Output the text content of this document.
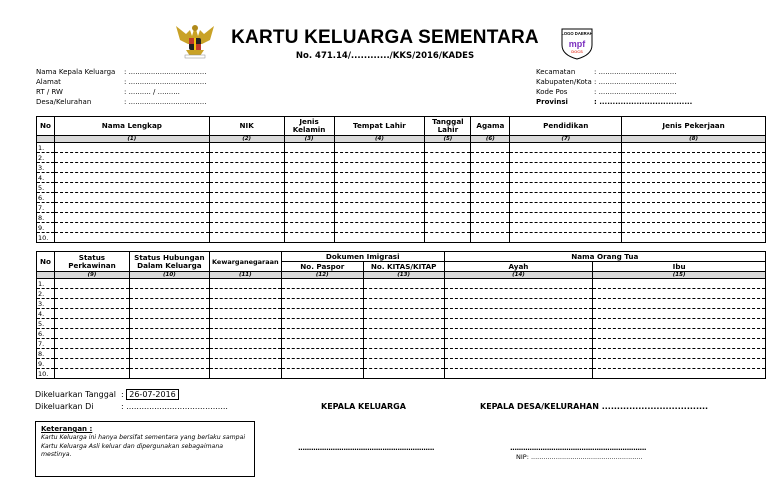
KARTU KELUARGA SEMENTARA
No. 471.14/............/KKS/2016/KADES
LOGO DAERAH
mpf
DOCS
Nama Kepala Keluarga	: ...................................
Alamat	: ...................................
RT / RW	: .......... / ..........
Desa/Kelurahan	: ...................................
Kecamatan	: ...................................
Kabupaten/Kota : ...................................
Kode Pos	: ...................................
Provinsi	: ...................................
No	Nama Lengkap	NIK	Jenis Kelamin	Tempat Lahir	Tanggal Lahir	Agama	Pendidikan	Jenis Pekerjaan
	(1)	(2)	(3)	(4)	(5)	(6)	(7)	(8)
1.								
2.								
3.								
4.								
5.								
6.								
7.								
8.								
9.								
10.								
No	Status Perkawinan	Status Hubungan Dalam Keluarga	Kewarganegaraan	Dokumen Imigrasi		Nama Orang Tua	
				No. Paspor	No. KITAS/KITAP	Ayah	Ibu
	(9)	(10)	(11)	(12)	(13)	(14)	(15)
1.							
2.							
3.							
4.							
5.							
6.							
7.							
8.							
9.							
10.							
Dikeluarkan Tanggal : 26-07-2016
Dikeluarkan Di	: ........................................	KEPALA KELUARGA	KEPALA DESA/KELURAHAN ...................................
Keterangan :
Kartu Keluarga ini hanya bersifat sementara yang berlaku sampai Kartu Keluarga Asli keluar dan dipergunakan sebagaimana mestinya.
...............................................................	...............................................................
NIP: ......................................................
